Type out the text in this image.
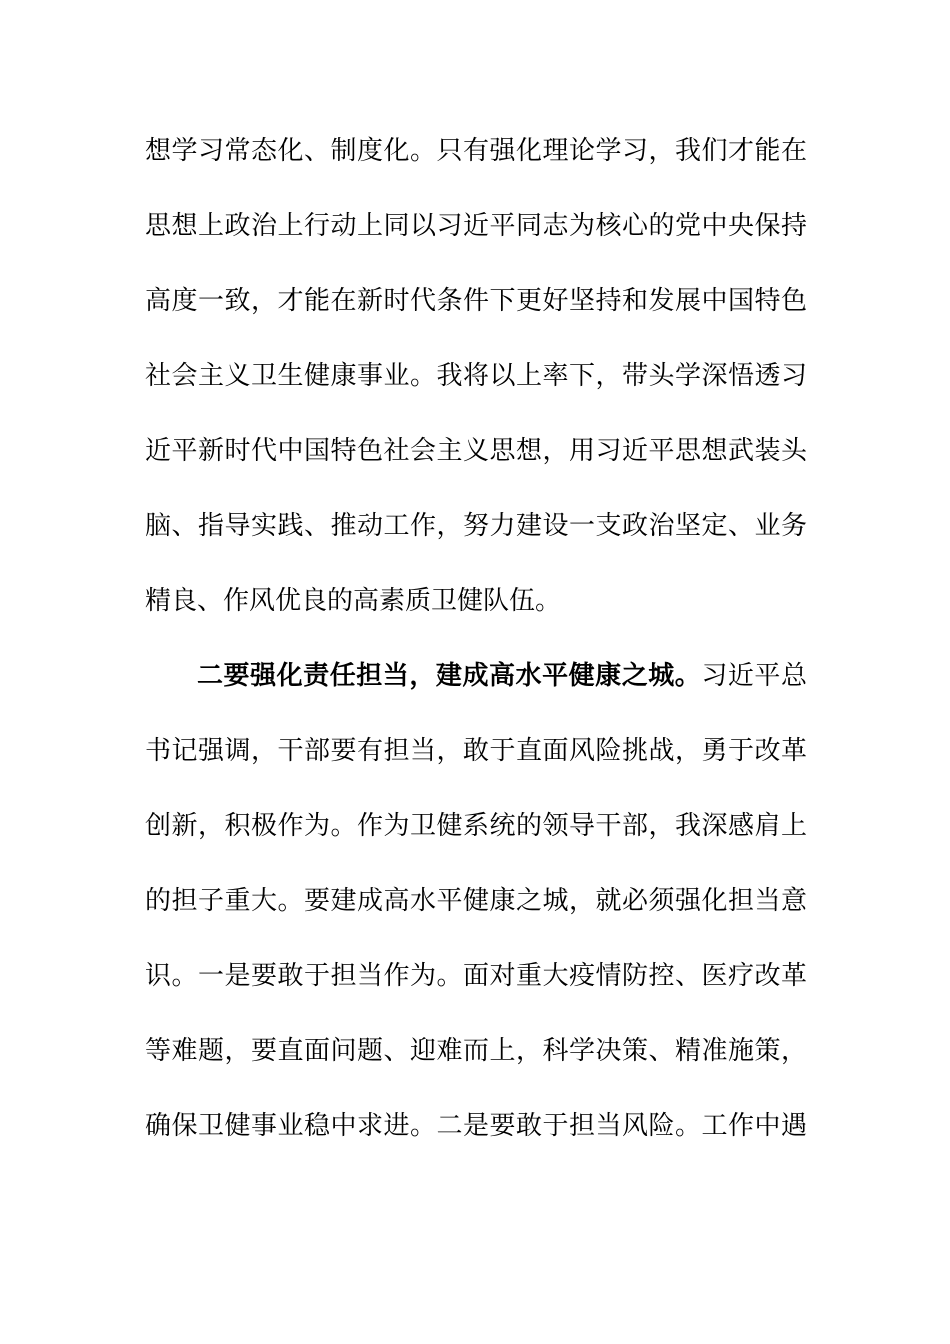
想学习常态化、制度化。只有强化理论学习，我们才能在
思想上政治上行动上同以习近平同志为核心的党中央保持
高度一致，才能在新时代条件下更好坚持和发展中国特色
社会主义卫生健康事业。我将以上率下，带头学深悟透习
近平新时代中国特色社会主义思想，用习近平思想武装头
脑、指导实践、推动工作，努力建设一支政治坚定、业务
精良、作风优良的高素质卫健队伍。
二要强化责任担当，建成高水平健康之城。习近平总
书记强调，干部要有担当，敢于直面风险挑战，勇于改革
创新，积极作为。作为卫健系统的领导干部，我深感肩上
的担子重大。要建成高水平健康之城，就必须强化担当意
识。一是要敢于担当作为。面对重大疫情防控、医疗改革
等难题，要直面问题、迎难而上，科学决策、精准施策，
确保卫健事业稳中求进。二是要敢于担当风险。工作中遇
